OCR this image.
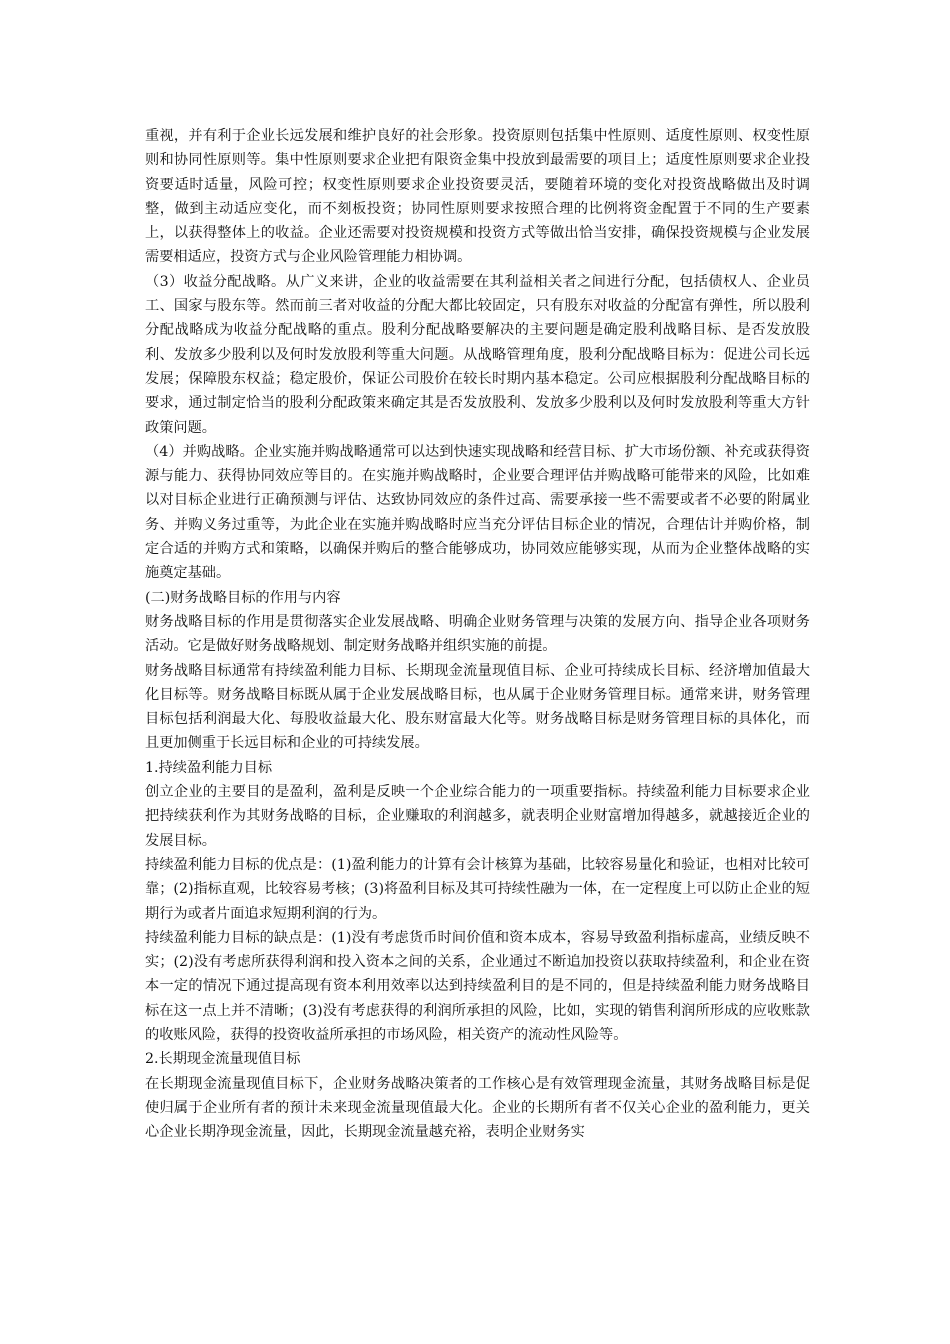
重视，并有利于企业长远发展和维护良好的社会形象。投资原则包括集中性原则、适度性原则、权变性原则和协同性原则等。集中性原则要求企业把有限资金集中投放到最需要的项目上；适度性原则要求企业投资要适时适量，风险可控；权变性原则要求企业投资要灵活，要随着环境的变化对投资战略做出及时调整，做到主动适应变化，而不刻板投资；协同性原则要求按照合理的比例将资金配置于不同的生产要素上，以获得整体上的收益。企业还需要对投资规模和投资方式等做出恰当安排，确保投资规模与企业发展需要相适应，投资方式与企业风险管理能力相协调。

（3）收益分配战略。从广义来讲，企业的收益需要在其利益相关者之间进行分配，包括债权人、企业员工、国家与股东等。然而前三者对收益的分配大都比较固定，只有股东对收益的分配富有弹性，所以股利分配战略成为收益分配战略的重点。股利分配战略要解决的主要问题是确定股利战略目标、是否发放股利、发放多少股利以及何时发放股利等重大问题。从战略管理角度，股利分配战略目标为：促进公司长远发展；保障股东权益；稳定股价，保证公司股价在较长时期内基本稳定。公司应根据股利分配战略目标的要求，通过制定恰当的股利分配政策来确定其是否发放股利、发放多少股利以及何时发放股利等重大方针政策问题。

（4）并购战略。企业实施并购战略通常可以达到快速实现战略和经营目标、扩大市场份额、补充或获得资源与能力、获得协同效应等目的。在实施并购战略时，企业要合理评估并购战略可能带来的风险，比如难以对目标企业进行正确预测与评估、达致协同效应的条件过高、需要承接一些不需要或者不必要的附属业务、并购义务过重等，为此企业在实施并购战略时应当充分评估目标企业的情况，合理估计并购价格，制定合适的并购方式和策略，以确保并购后的整合能够成功，协同效应能够实现，从而为企业整体战略的实施奠定基础。

(二)财务战略目标的作用与内容

财务战略目标的作用是贯彻落实企业发展战略、明确企业财务管理与决策的发展方向、指导企业各项财务活动。它是做好财务战略规划、制定财务战略并组织实施的前提。

财务战略目标通常有持续盈利能力目标、长期现金流量现值目标、企业可持续成长目标、经济增加值最大化目标等。财务战略目标既从属于企业发展战略目标，也从属于企业财务管理目标。通常来讲，财务管理目标包括利润最大化、每股收益最大化、股东财富最大化等。财务战略目标是财务管理目标的具体化，而且更加侧重于长远目标和企业的可持续发展。

1.持续盈利能力目标

创立企业的主要目的是盈利，盈利是反映一个企业综合能力的一项重要指标。持续盈利能力目标要求企业把持续获利作为其财务战略的目标，企业赚取的利润越多，就表明企业财富增加得越多，就越接近企业的发展目标。

持续盈利能力目标的优点是：(1)盈利能力的计算有会计核算为基础，比较容易量化和验证，也相对比较可靠；(2)指标直观，比较容易考核；(3)将盈利目标及其可持续性融为一体，在一定程度上可以防止企业的短期行为或者片面追求短期利润的行为。

持续盈利能力目标的缺点是：(1)没有考虑货币时间价值和资本成本，容易导致盈利指标虚高，业绩反映不实；(2)没有考虑所获得利润和投入资本之间的关系，企业通过不断追加投资以获取持续盈利，和企业在资本一定的情况下通过提高现有资本利用效率以达到持续盈利目的是不同的，但是持续盈利能力财务战略目标在这一点上并不清晰；(3)没有考虑获得的利润所承担的风险，比如，实现的销售利润所形成的应收账款的收账风险，获得的投资收益所承担的市场风险，相关资产的流动性风险等。

2.长期现金流量现值目标

在长期现金流量现值目标下，企业财务战略决策者的工作核心是有效管理现金流量，其财务战略目标是促使归属于企业所有者的预计未来现金流量现值最大化。企业的长期所有者不仅关心企业的盈利能力，更关心企业长期净现金流量，因此，长期现金流量越充裕，表明企业财务实
